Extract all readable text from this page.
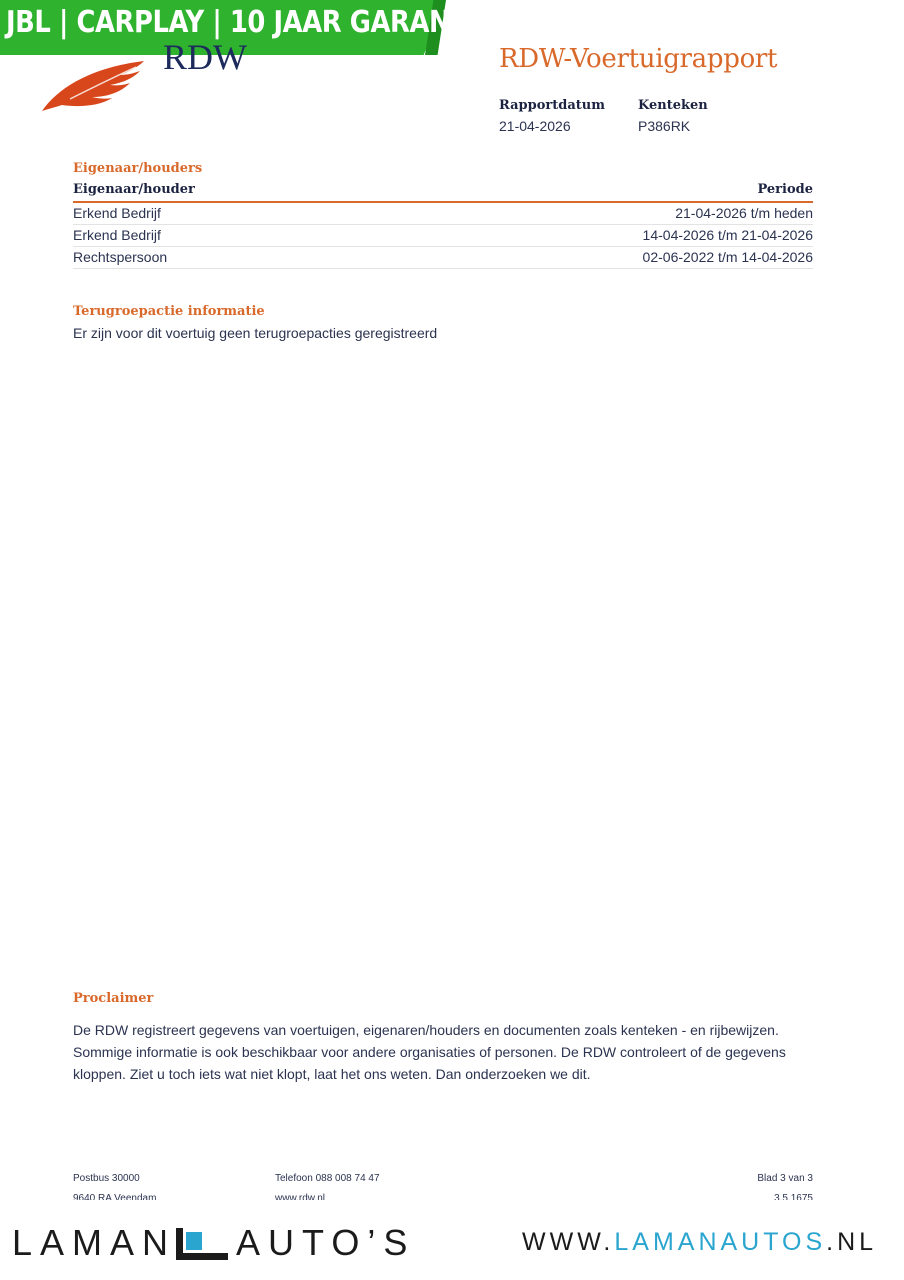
JBL | CARPLAY | 10 JAAR GARANTIE
RDW	RDW-Voertuigrapport
Rapportdatum
21-04-2026
Kenteken
P386RK
Eigenaar/houders
Eigenaar/houder	Periode
Erkend Bedrijf	21-04-2026 t/m heden
Erkend Bedrijf	14-04-2026 t/m 21-04-2026
Rechtspersoon	02-06-2022 t/m 14-04-2026
Terugroepactie informatie
Er zijn voor dit voertuig geen terugroepacties geregistreerd
Proclaimer
De RDW registreert gegevens van voertuigen, eigenaren/houders en documenten zoals kenteken - en rijbewijzen. Sommige informatie is ook beschikbaar voor andere organisaties of personen. De RDW controleert of de gegevens kloppen. Ziet u toch iets wat niet klopt, laat het ons weten. Dan onderzoeken we dit.
Postbus 30000	Telefoon 088 008 74 47	Blad 3 van 3
9640 RA Veendam	www.rdw.nl	3.5.1675
LAMAN AUTO’S	WWW.LAMANAUTOS.NL
